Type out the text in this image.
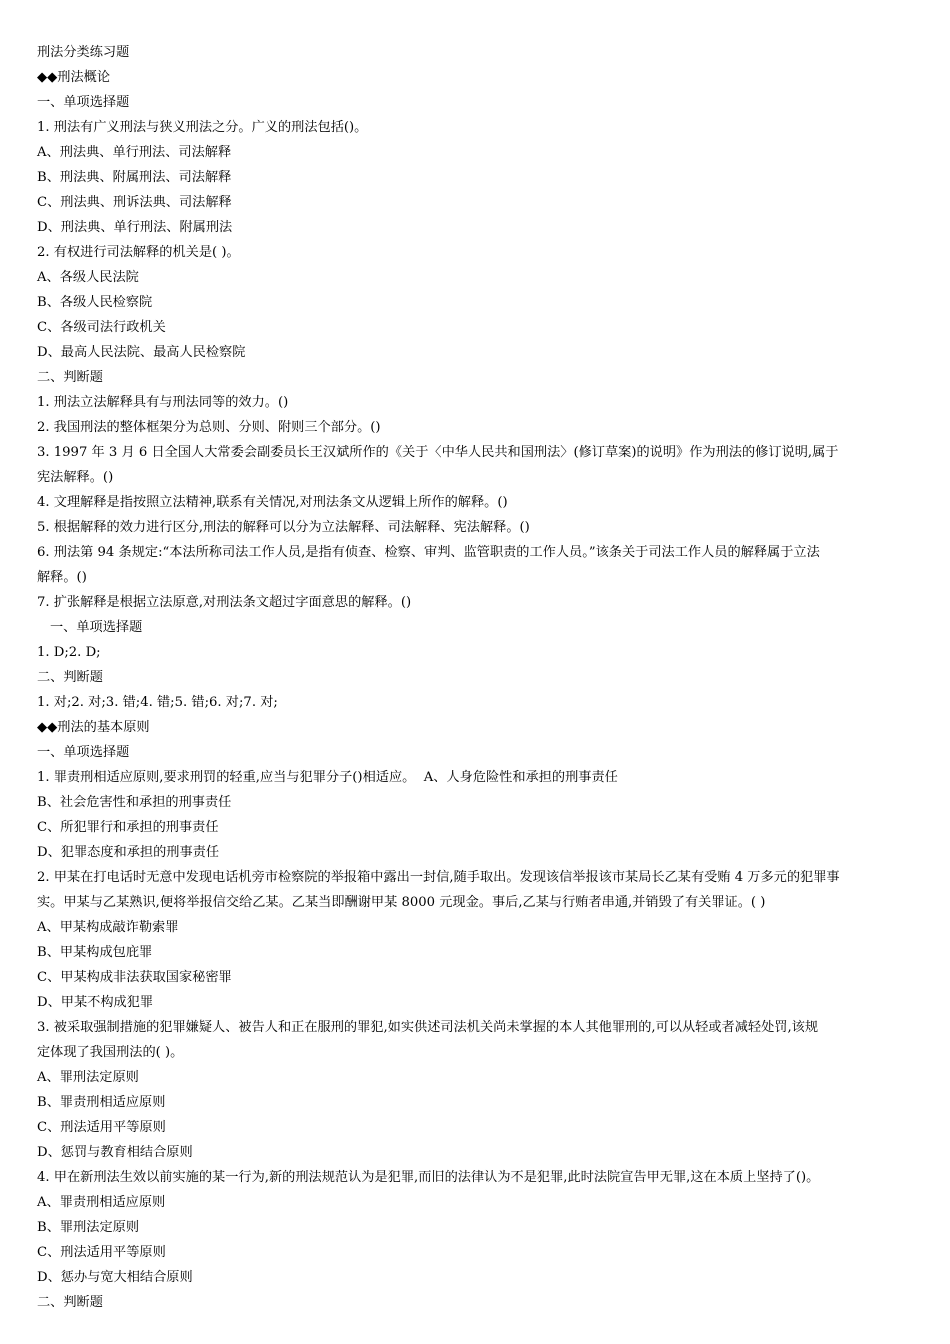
刑法分类练习题
◆◆刑法概论
一、单项选择题
1. 刑法有广义刑法与狭义刑法之分。广义的刑法包括()。
A、刑法典、单行刑法、司法解释
B、刑法典、附属刑法、司法解释
C、刑法典、刑诉法典、司法解释
D、刑法典、单行刑法、附属刑法
2. 有权进行司法解释的机关是( )。
A、各级人民法院
B、各级人民检察院
C、各级司法行政机关
D、最高人民法院、最高人民检察院
二、判断题
1. 刑法立法解释具有与刑法同等的效力。()
2. 我国刑法的整体框架分为总则、分则、附则三个部分。()
3. 1997 年 3 月 6 日全国人大常委会副委员长王汉斌所作的《关于〈中华人民共和国刑法〉(修订草案)的说明》作为刑法的修订说明,属于
宪法解释。()
4. 文理解释是指按照立法精神,联系有关情况,对刑法条文从逻辑上所作的解释。()
5. 根据解释的效力进行区分,刑法的解释可以分为立法解释、司法解释、宪法解释。()
6. 刑法第 94 条规定:“本法所称司法工作人员,是指有侦查、检察、审判、监管职责的工作人员。”该条关于司法工作人员的解释属于立法
解释。()
7. 扩张解释是根据立法原意,对刑法条文超过字面意思的解释。()
一、单项选择题
1. D;2. D;
二、判断题
1. 对;2. 对;3. 错;4. 错;5. 错;6. 对;7. 对;
◆◆刑法的基本原则
一、单项选择题
1. 罪责刑相适应原则,要求刑罚的轻重,应当与犯罪分子()相适应。  A、人身危险性和承担的刑事责任
B、社会危害性和承担的刑事责任
C、所犯罪行和承担的刑事责任
D、犯罪态度和承担的刑事责任
2. 甲某在打电话时无意中发现电话机旁市检察院的举报箱中露出一封信,随手取出。发现该信举报该市某局长乙某有受贿 4 万多元的犯罪事
实。甲某与乙某熟识,便将举报信交给乙某。乙某当即酬谢甲某 8000 元现金。事后,乙某与行贿者串通,并销毁了有关罪证。( )
A、甲某构成敲诈勒索罪
B、甲某构成包庇罪
C、甲某构成非法获取国家秘密罪
D、甲某不构成犯罪
3. 被采取强制措施的犯罪嫌疑人、被告人和正在服刑的罪犯,如实供述司法机关尚未掌握的本人其他罪刑的,可以从轻或者减轻处罚,该规
定体现了我国刑法的( )。
A、罪刑法定原则
B、罪责刑相适应原则
C、刑法适用平等原则
D、惩罚与教育相结合原则
4. 甲在新刑法生效以前实施的某一行为,新的刑法规范认为是犯罪,而旧的法律认为不是犯罪,此时法院宣告甲无罪,这在本质上坚持了()。
A、罪责刑相适应原则
B、罪刑法定原则
C、刑法适用平等原则
D、惩办与宽大相结合原则
二、判断题
